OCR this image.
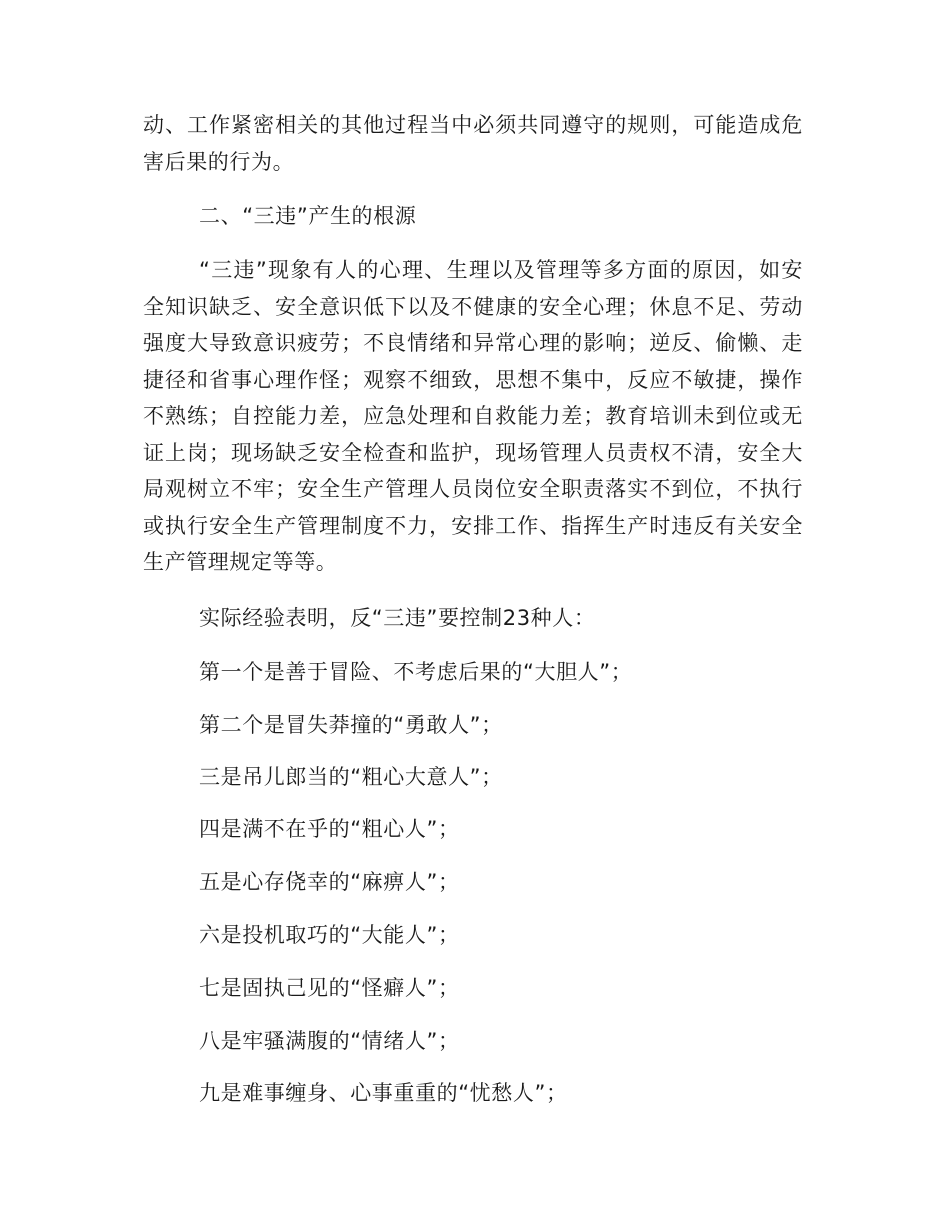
动、工作紧密相关的其他过程当中必须共同遵守的规则，可能造成危害后果的行为。

二、“三违”产生的根源

“三违”现象有人的心理、生理以及管理等多方面的原因，如安全知识缺乏、安全意识低下以及不健康的安全心理；休息不足、劳动强度大导致意识疲劳；不良情绪和异常心理的影响；逆反、偷懒、走捷径和省事心理作怪；观察不细致，思想不集中，反应不敏捷，操作不熟练；自控能力差，应急处理和自救能力差；教育培训未到位或无证上岗；现场缺乏安全检查和监护，现场管理人员责权不清，安全大局观树立不牢；安全生产管理人员岗位安全职责落实不到位，不执行或执行安全生产管理制度不力，安排工作、指挥生产时违反有关安全生产管理规定等等。

实际经验表明，反“三违”要控制23种人：

第一个是善于冒险、不考虑后果的“大胆人”；

第二个是冒失莽撞的“勇敢人”；

三是吊儿郎当的“粗心大意人”；

四是满不在乎的“粗心人”；

五是心存侥幸的“麻痹人”；

六是投机取巧的“大能人”；

七是固执己见的“怪癖人”；

八是牢骚满腹的“情绪人”；

九是难事缠身、心事重重的“忧愁人”；
